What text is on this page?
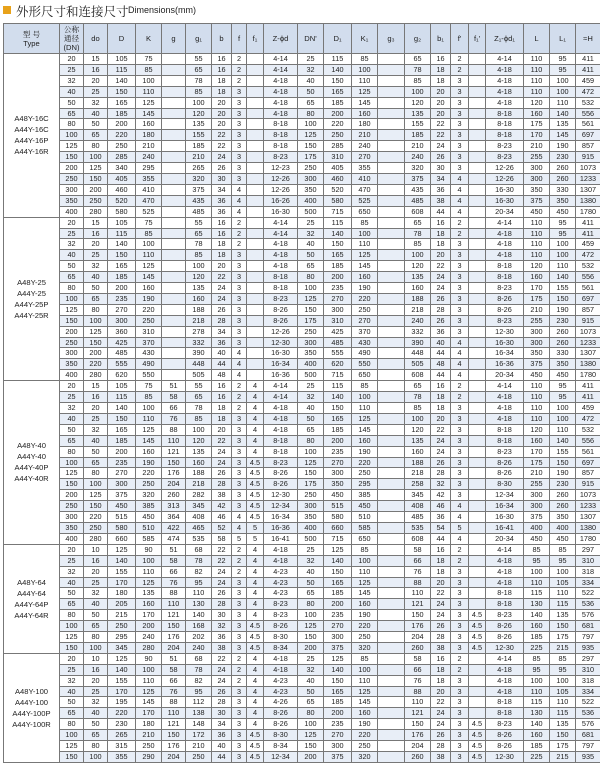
外形尺寸和连接尺寸 Dimensions(mm)
型 号
Type	公称
通径
(DN)	do	D	K	g	g₁	b	f	f₁	Z-ϕd	DN'	D₁	K₁	g₃	g₂	b₁	f'	f₁'	Z₁-ϕd₁	L	L₁	≈H
A48Y-16C
A44Y-16C
A44Y-16P
A44Y-16R	20	15	105	75		55	16	2		4-14	25	115	85		65	16	2		4-14	110	95	411
	25	16	115	85		65	16	2		4-14	32	140	100		78	18	2		4-18	110	95	411
	32	20	140	100		78	18	2		4-18	40	150	110		85	18	3		4-18	110	100	459
	40	25	150	110		85	18	3		4-18	50	165	125		100	20	3		4-18	110	100	472
	50	32	165	125		100	20	3		4-18	65	185	145		120	20	3		4-18	120	110	532
	65	40	185	145		120	20	3		4-18	80	200	160		135	20	3		8-18	160	140	556
	80	50	200	160		135	20	3		8-18	100	220	180		155	22	3		8-18	175	135	561
	100	65	220	180		155	22	3		8-18	125	250	210		185	22	3		8-18	170	145	697
	125	80	250	210		185	22	3		8-18	150	285	240		210	24	3		8-23	210	190	857
	150	100	285	240		210	24	3		8-23	175	310	270		240	26	3		8-23	255	230	915
	200	125	340	295		265	26	3		12-23	250	405	355		320	30	3		12-26	300	260	1073
	250	150	405	355		320	30	3		12-26	300	460	410		375	34	4		12-26	300	260	1233
	300	200	460	410		375	34	4		12-26	350	520	470		435	36	4		16-30	350	330	1307
	350	250	520	470		435	36	4		16-26	400	580	525		485	38	4		16-30	375	350	1380
	400	280	580	525		485	36	4		16-30	500	715	650		608	44	4		20-34	450	450	1780
A48Y-25
A44Y-25
A44Y-25P
A44Y-25R	20	15	105	75		55	16	2		4-14	25	115	85		65	16	2		4-14	110	95	411
	25	16	115	85		65	16	2		4-14	32	140	100		78	18	2		4-18	110	95	411
	32	20	140	100		78	18	2		4-18	40	150	110		85	18	3		4-18	110	100	459
	40	25	150	110		85	18	3		4-18	50	165	125		100	20	3		4-18	110	100	472
	50	32	165	125		100	20	3		4-18	65	185	145		120	22	3		8-18	120	110	532
	65	40	185	145		120	22	3		8-18	80	200	160		135	24	3		8-18	160	140	556
	80	50	200	160		135	24	3		8-18	100	235	190		160	24	3		8-23	170	155	561
	100	65	235	190		160	24	3		8-23	125	270	220		188	26	3		8-26	175	150	697
	125	80	270	220		188	26	3		8-26	150	300	250		218	28	3		8-26	210	190	857
	150	100	300	250		218	28	3		8-26	175	310	270		240	26	3		8-23	255	230	915
	200	125	360	310		278	34	3		12-26	250	425	370		332	36	3		12-30	300	260	1073
	250	150	425	370		332	36	3		12-30	300	485	430		390	40	4		16-30	300	260	1233
	300	200	485	430		390	40	4		16-30	350	555	490		448	44	4		16-34	350	330	1307
	350	220	555	490		448	44	4		16-34	400	620	550		505	48	4		16-36	375	350	1380
	400	280	620	550		505	48	4		16-36	500	715	650		608	44	4		20-34	450	450	1780
A48Y-40
A44Y-40
A44Y-40P
A44Y-40R	20	15	105	75	51	55	16	2	4	4-14	25	115	85		65	16	2		4-14	110	95	411
	25	16	115	85	58	65	16	2	4	4-14	32	140	100		78	18	2		4-18	110	95	411
	32	20	140	100	66	78	18	2	4	4-18	40	150	110		85	18	3		4-18	110	100	459
	40	25	150	110	76	85	18	3	4	4-18	50	165	125		100	20	3		4-18	110	100	472
	50	32	165	125	88	100	20	3	4	4-18	65	185	145		120	22	3		8-18	120	110	532
	65	40	185	145	110	120	22	3	4	8-18	80	200	160		135	24	3		8-18	160	140	556
	80	50	200	160	121	135	24	3	4	8-18	100	235	190		160	24	3		8-23	170	155	561
	100	65	235	190	150	160	24	3	4.5	8-23	125	270	220		188	26	3		8-26	175	150	697
	125	80	270	220	176	188	26	3	4.5	8-26	150	300	250		218	28	3		8-26	210	190	857
	150	100	300	250	204	218	28	3	4.5	8-26	175	350	295		258	32	3		8-30	255	230	915
	200	125	375	320	260	282	38	3	4.5	12-30	250	450	385		345	42	3		12-34	300	260	1073
	250	150	450	385	313	345	42	3	4.5	12-34	300	515	450		408	46	4		16-34	300	260	1233
	300	220	515	450	364	408	46	4	4.5	16-34	350	580	510		485	36	4		16-30	375	350	1307
	350	250	580	510	422	465	52	4	5	16-36	400	660	585		535	54	5		16-41	400	400	1380
	400	280	660	585	474	535	58	5	5	16-41	500	715	650		608	44	4		20-34	450	450	1780
A48Y-64
A44Y-64
A44Y-64P
A44Y-64R	20	10	125	90	51	68	22	2	4	4-18	25	125	85		58	16	2		4-14	85	85	297
	25	16	140	100	58	78	22	2	4	4-18	32	140	100		66	18	2		4-18	95	95	310
	32	20	155	110	66	82	24	2	4	4-23	40	150	110		76	18	3		4-18	100	100	318
	40	25	170	125	76	95	24	3	4	4-23	50	165	125		88	20	3		4-18	110	105	334
	50	32	180	135	88	110	26	3	4	4-23	65	185	145		110	22	3		8-18	115	110	522
	65	40	205	160	110	130	28	3	4	8-23	80	200	160		121	24	3		8-18	130	115	536
	80	50	215	170	121	140	30	3	4	8-23	100	235	190		150	24	3	4.5	8-23	140	135	576
	100	65	250	200	150	168	32	3	4.5	8-26	125	270	220		176	26	3	4.5	8-26	160	150	681
	125	80	295	240	176	202	36	3	4.5	8-30	150	300	250		204	28	3	4.5	8-26	185	175	797
	150	100	345	280	204	240	38	3	4.5	8-34	200	375	320		260	38	3	4.5	12-30	225	215	935
A48Y-100
A44Y-100
A44Y-100P
A44Y-100R	20	10	125	90	51	68	22	2	4	4-18	25	125	85		58	16	2		4-14	85	85	297
	25	16	140	100	58	78	24	2	4	4-18	32	140	100		66	18	2		4-18	95	95	310
	32	20	155	110	66	82	24	2	4	4-23	40	150	110		76	18	3		4-18	100	100	318
	40	25	170	125	76	95	26	3	4	4-23	50	165	125		88	20	3		4-18	110	105	334
	50	32	195	145	88	112	28	3	4	4-26	65	185	145		110	22	3		8-18	115	110	522
	65	40	220	170	110	138	30	3	4	8-26	80	200	160		121	24	3		8-18	130	115	536
	80	50	230	180	121	148	34	3	4	8-26	100	235	190		150	24	3	4.5	8-23	140	135	576
	100	65	265	210	150	172	36	3	4.5	8-30	125	270	220		176	26	3	4.5	8-26	160	150	681
	125	80	315	250	176	210	40	3	4.5	8-34	150	300	250		204	28	3	4.5	8-26	185	175	797
	150	100	355	290	204	250	44	3	4.5	12-34	200	375	320		260	38	3	4.5	12-30	225	215	935
